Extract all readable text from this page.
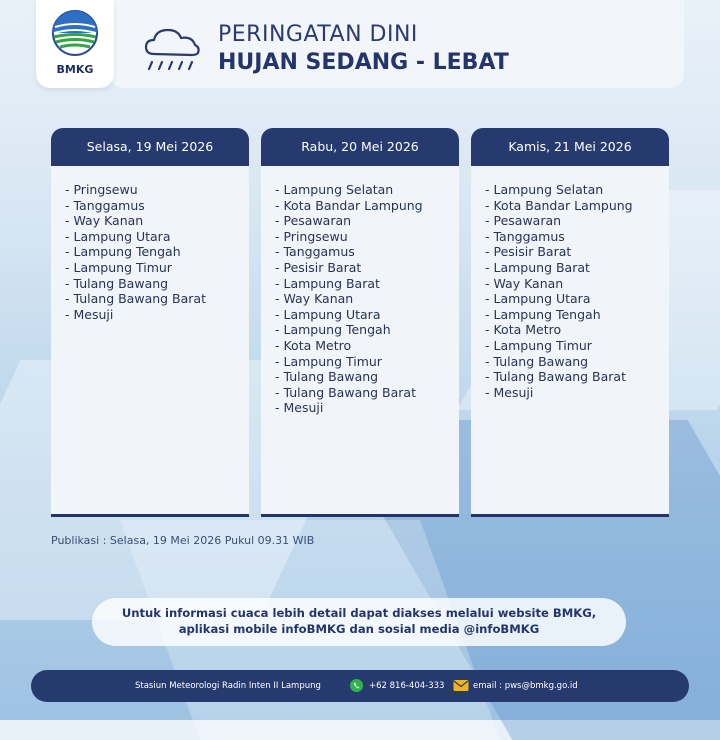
BMKG
PERINGATAN DINI
HUJAN SEDANG - LEBAT
Selasa, 19 Mei 2026
- Pringsewu
- Tanggamus
- Way Kanan
- Lampung Utara
- Lampung Tengah
- Lampung Timur
- Tulang Bawang
- Tulang Bawang Barat
- Mesuji
Rabu, 20 Mei 2026
- Lampung Selatan
- Kota Bandar Lampung
- Pesawaran
- Pringsewu
- Tanggamus
- Pesisir Barat
- Lampung Barat
- Way Kanan
- Lampung Utara
- Lampung Tengah
- Kota Metro
- Lampung Timur
- Tulang Bawang
- Tulang Bawang Barat
- Mesuji
Kamis, 21 Mei 2026
- Lampung Selatan
- Kota Bandar Lampung
- Pesawaran
- Tanggamus
- Pesisir Barat
- Lampung Barat
- Way Kanan
- Lampung Utara
- Lampung Tengah
- Kota Metro
- Lampung Timur
- Tulang Bawang
- Tulang Bawang Barat
- Mesuji
Publikasi : Selasa, 19 Mei 2026 Pukul 09.31 WIB
Untuk informasi cuaca lebih detail dapat diakses melalui website BMKG,
aplikasi mobile infoBMKG dan sosial media @infoBMKG
Stasiun Meteorologi Radin Inten II Lampung	+62 816-404-333	email : pws@bmkg.go.id
